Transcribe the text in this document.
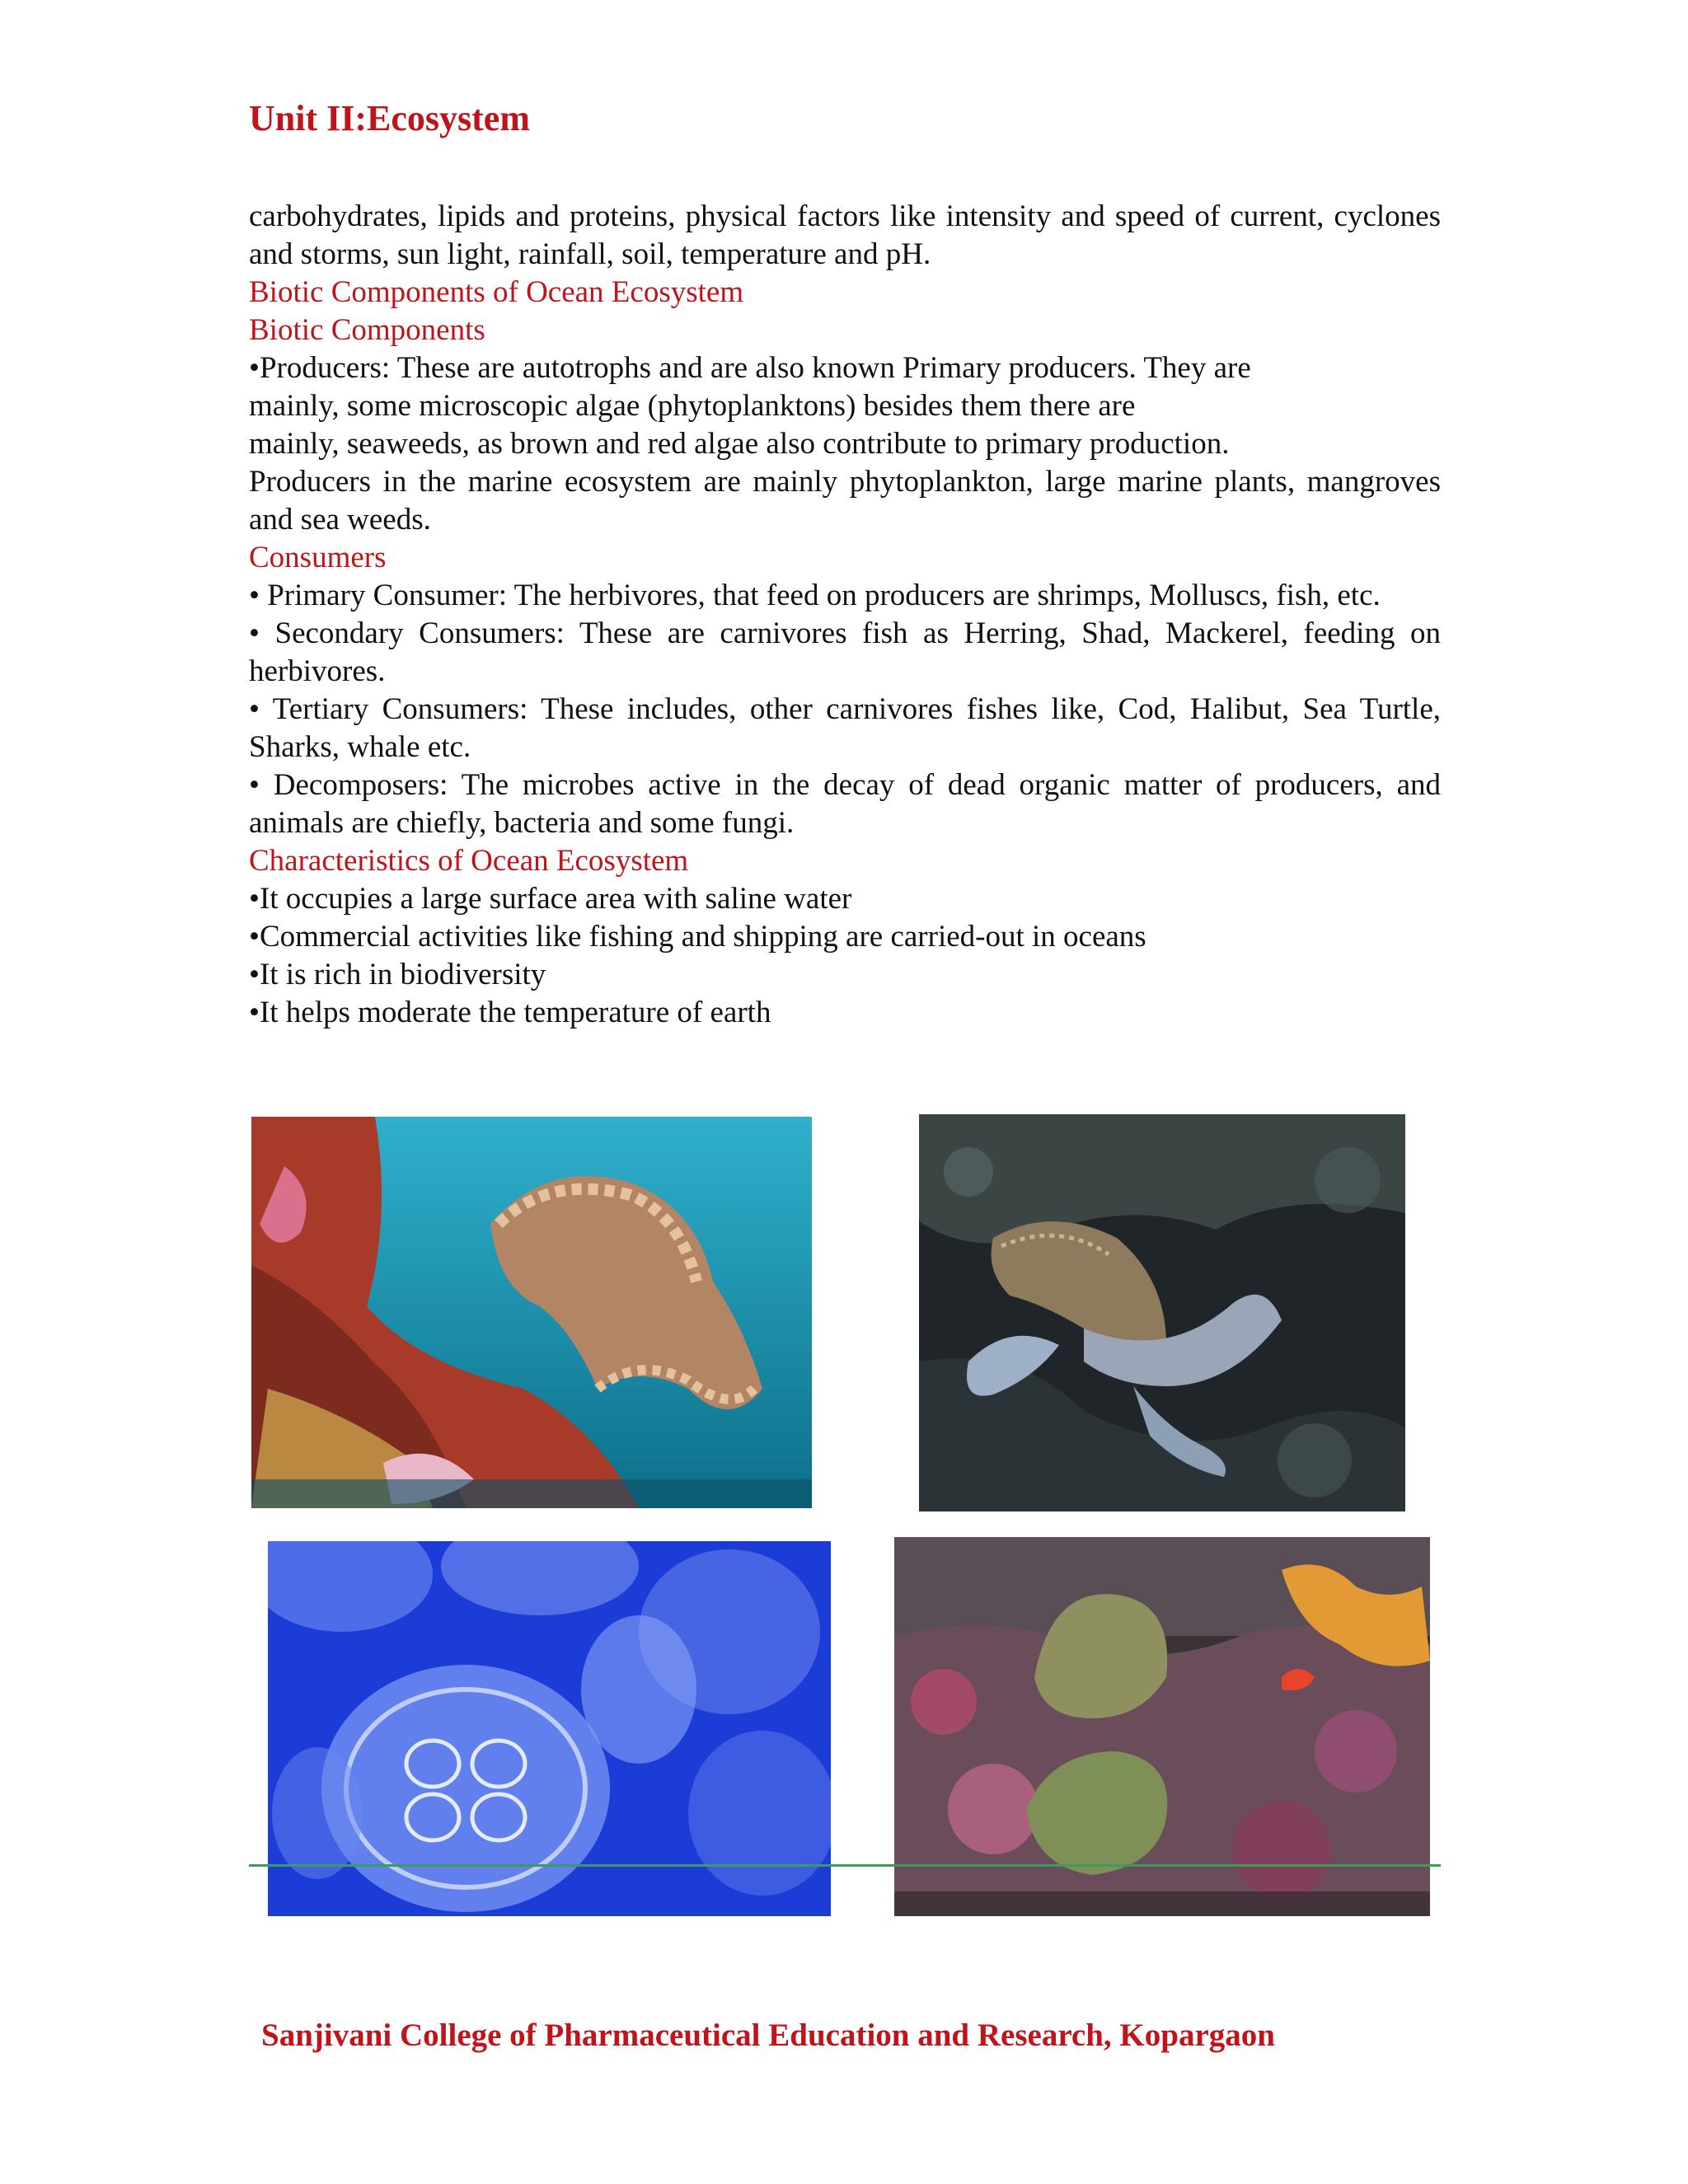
Unit II:Ecosystem

carbohydrates, lipids and proteins, physical factors like intensity and speed of current, cyclones and storms, sun light, rainfall, soil, temperature and pH.

Biotic Components of Ocean Ecosystem

Biotic Components

•Producers: These are autotrophs and are also known Primary producers. They are

mainly, some microscopic algae (phytoplanktons) besides them there are

mainly, seaweeds, as brown and red algae also contribute to primary production.

Producers in the marine ecosystem are mainly phytoplankton, large marine plants, mangroves and sea weeds.

Consumers

• Primary Consumer: The herbivores, that feed on producers are shrimps, Molluscs, fish, etc.

• Secondary Consumers: These are carnivores fish as Herring, Shad, Mackerel, feeding on herbivores.

• Tertiary Consumers: These includes, other carnivores fishes like, Cod, Halibut, Sea Turtle, Sharks, whale etc.

• Decomposers: The microbes active in the decay of dead organic matter of producers, and animals are chiefly, bacteria and some fungi.

Characteristics of Ocean Ecosystem

•It occupies a large surface area with saline water

•Commercial activities like fishing and shipping are carried-out in oceans

•It is rich in biodiversity

•It helps moderate the temperature of earth

Sanjivani College of Pharmaceutical Education and Research, Kopargaon
